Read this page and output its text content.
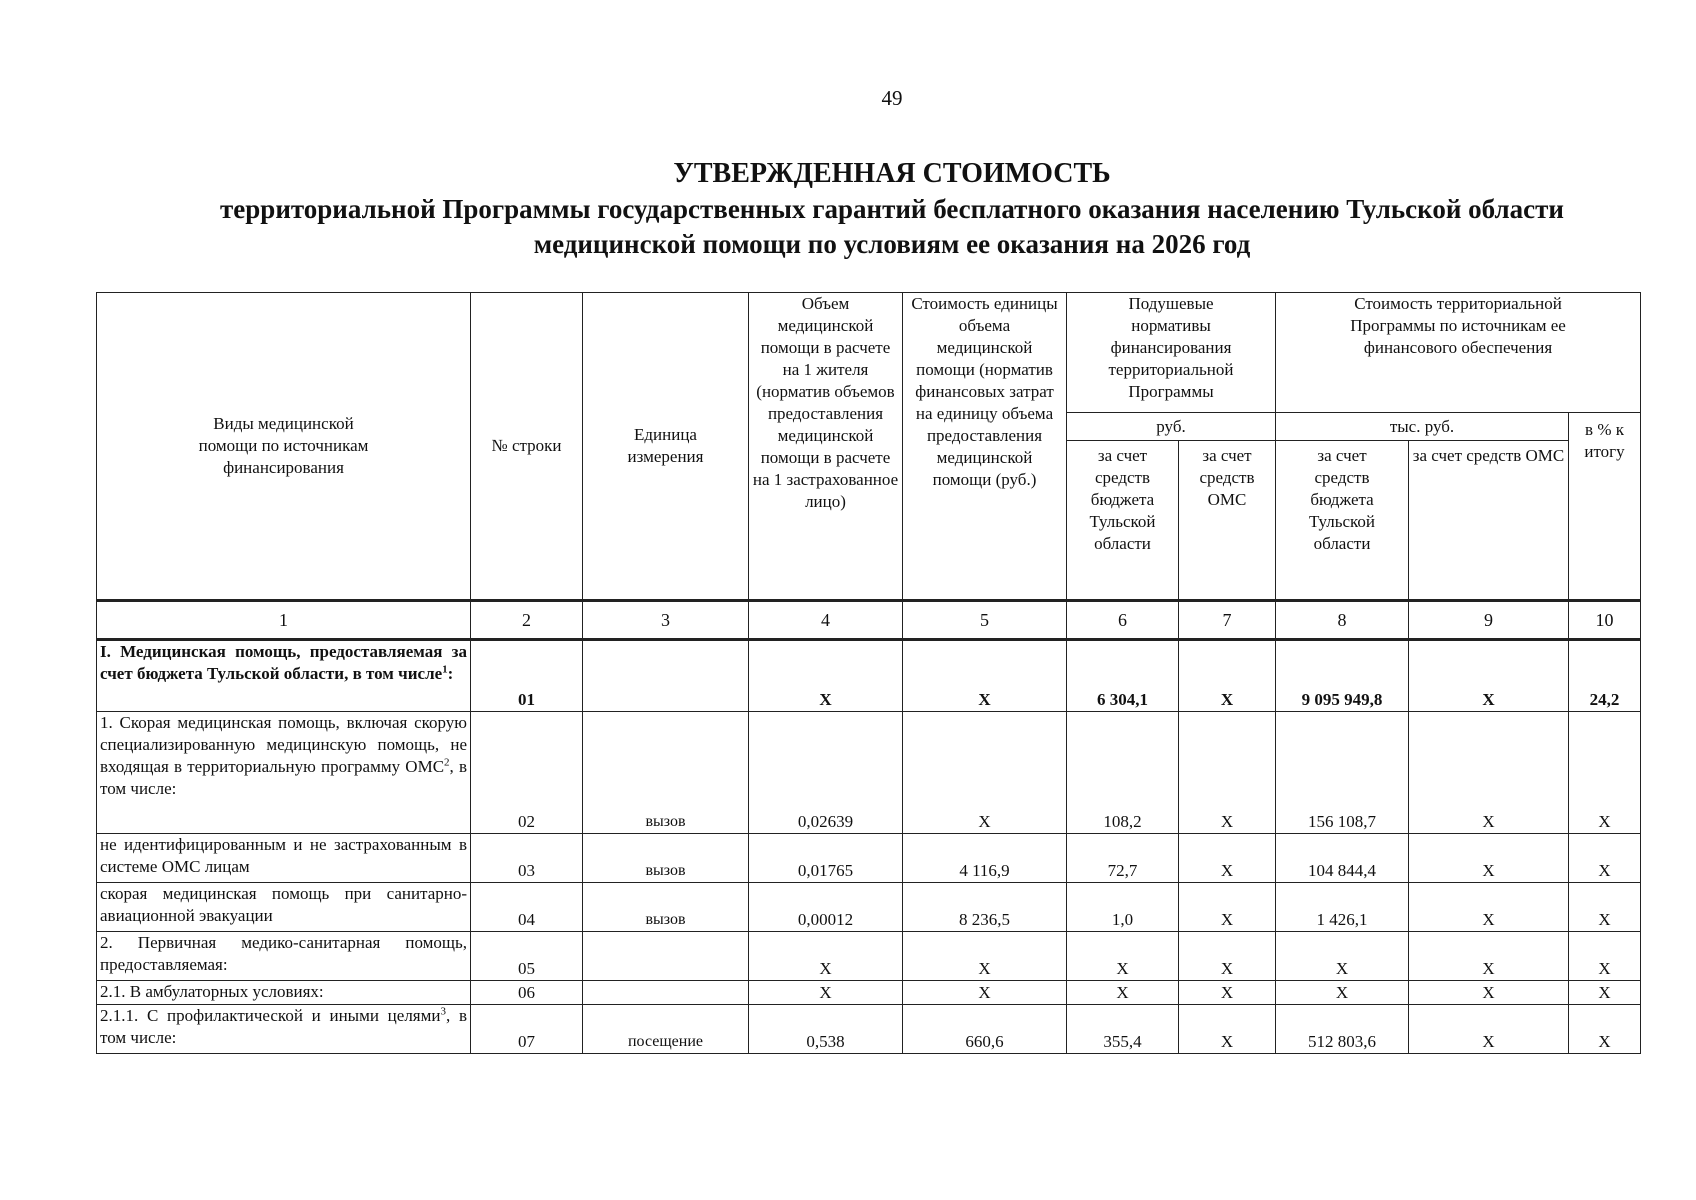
49
УТВЕРЖДЕННАЯ СТОИМОСТЬ
территориальной Программы государственных гарантий бесплатного оказания населению Тульской области
медицинской помощи по условиям ее оказания на 2026 год
Виды медицинской помощи по источникам финансирования	№ строки	Единица измерения	Объем медицинской помощи в расчете на 1 жителя (норматив объемов предоставления медицинской помощи в расчете на 1 застрахованное лицо)	Стоимость единицы объема медицинской помощи (норматив финансовых затрат на единицу объема предоставления медицинской помощи (руб.)	Подушевые нормативы финансирования территориальной Программы		Стоимость территориальной Программы по источникам ее финансового обеспечения		
					руб.		тыс. руб.		в % к итогу
					за счет средств бюджета Тульской области	за счет средств ОМС	за счет средств бюджета Тульской области	за счет средств ОМС	
1	2	3	4	5	6	7	8	9	10
I. Медицинская помощь, предоставляемая за счет бюджета Тульской области, в том числе$^1$:	01		Х	Х	6 304,1	Х	9 095 949,8	Х	24,2
1. Скорая медицинская помощь, включая скорую специализированную медицинскую помощь, не входящая в территориальную программу ОМС$^2$, в том числе:	02	вызов	0,02639	Х	108,2	Х	156 108,7	Х	Х
не идентифицированным и не застрахованным в системе ОМС лицам	03	вызов	0,01765	4 116,9	72,7	Х	104 844,4	Х	Х
скорая медицинская помощь при санитарно-авиационной эвакуации	04	вызов	0,00012	8 236,5	1,0	Х	1 426,1	Х	Х
2. Первичная медико-санитарная помощь, предоставляемая:	05		Х	Х	Х	Х	Х	Х	Х
2.1. В амбулаторных условиях:	06		Х	Х	Х	Х	Х	Х	Х
2.1.1. С профилактической и иными целями$^3$, в том числе:	07	посещение	0,538	660,6	355,4	Х	512 803,6	Х	Х
